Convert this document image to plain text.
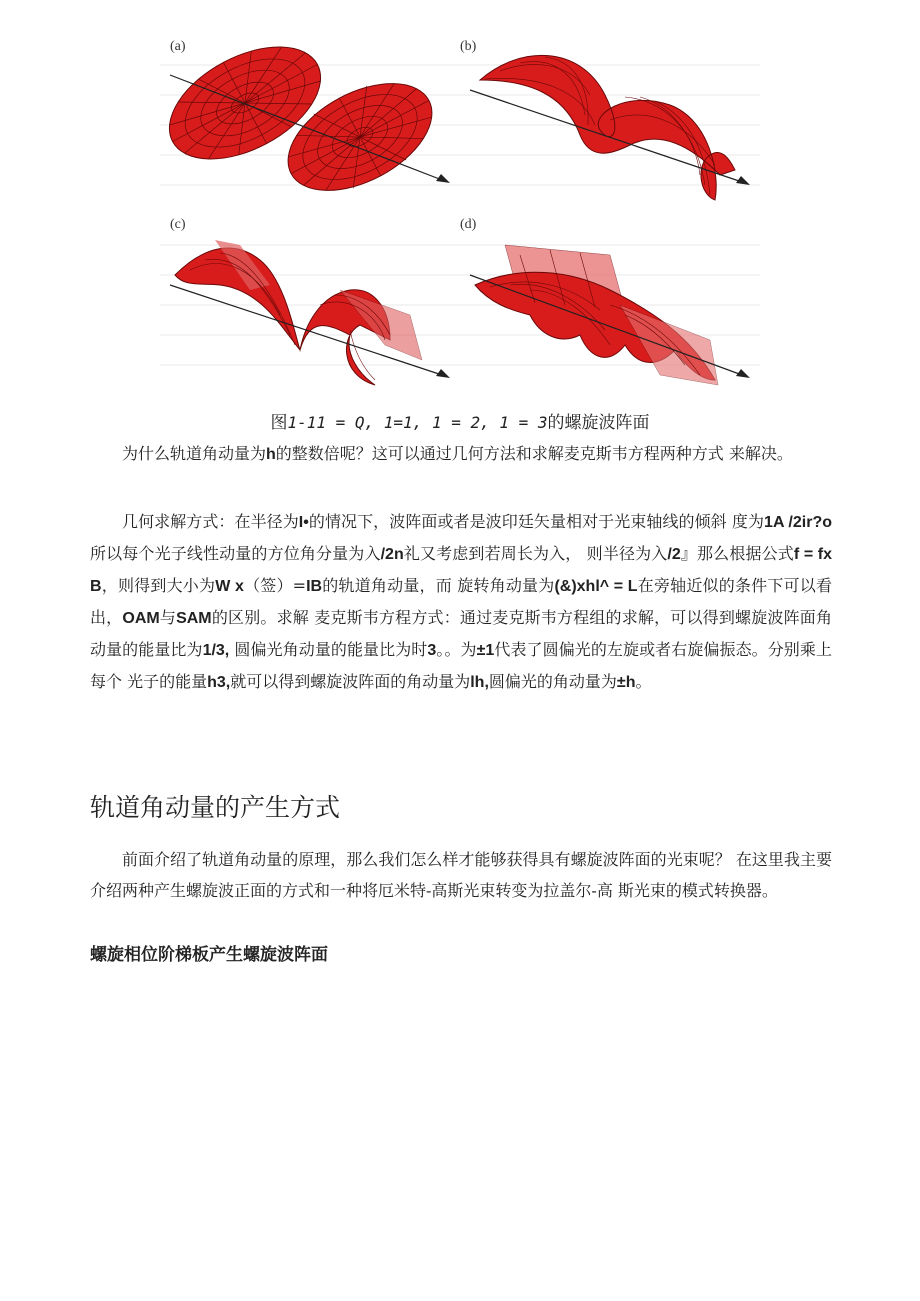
(a)	(b)
(c)	(d)
图1-11 = Q, 1=1, 1 = 2, 1 = 3的螺旋波阵面

为什么轨道角动量为h的整数倍呢？这可以通过几何方法和求解麦克斯韦方程两种方式 来解决。

几何求解方式：在半径为I•的情况下，波阵面或者是波印廷矢量相对于光束轴线的倾斜 度为1A /2ir?o所以每个光子线性动量的方位角分量为入/2n礼又考虑到若周长为入， 则半径为入/2』那么根据公式f = fx B，则得到大小为W x（签）=IB的轨道角动量，而 旋转角动量为(&)xhl^ = L在旁轴近似的条件下可以看出，OAM与SAM的区别。求解 麦克斯韦方程方式：通过麦克斯韦方程组的求解，可以得到螺旋波阵面角动量的能量比为1/3, 圆偏光角动量的能量比为时3。。为±1代表了圆偏光的左旋或者右旋偏振态。分别乘上每个 光子的能量h3,就可以得到螺旋波阵面的角动量为lh,圆偏光的角动量为±h。

轨道角动量的产生方式

前面介绍了轨道角动量的原理，那么我们怎么样才能够获得具有螺旋波阵面的光束呢？ 在这里我主要介绍两种产生螺旋波正面的方式和一种将厄米特-高斯光束转变为拉盖尔-高 斯光束的模式转换器。

螺旋相位阶梯板产生螺旋波阵面
